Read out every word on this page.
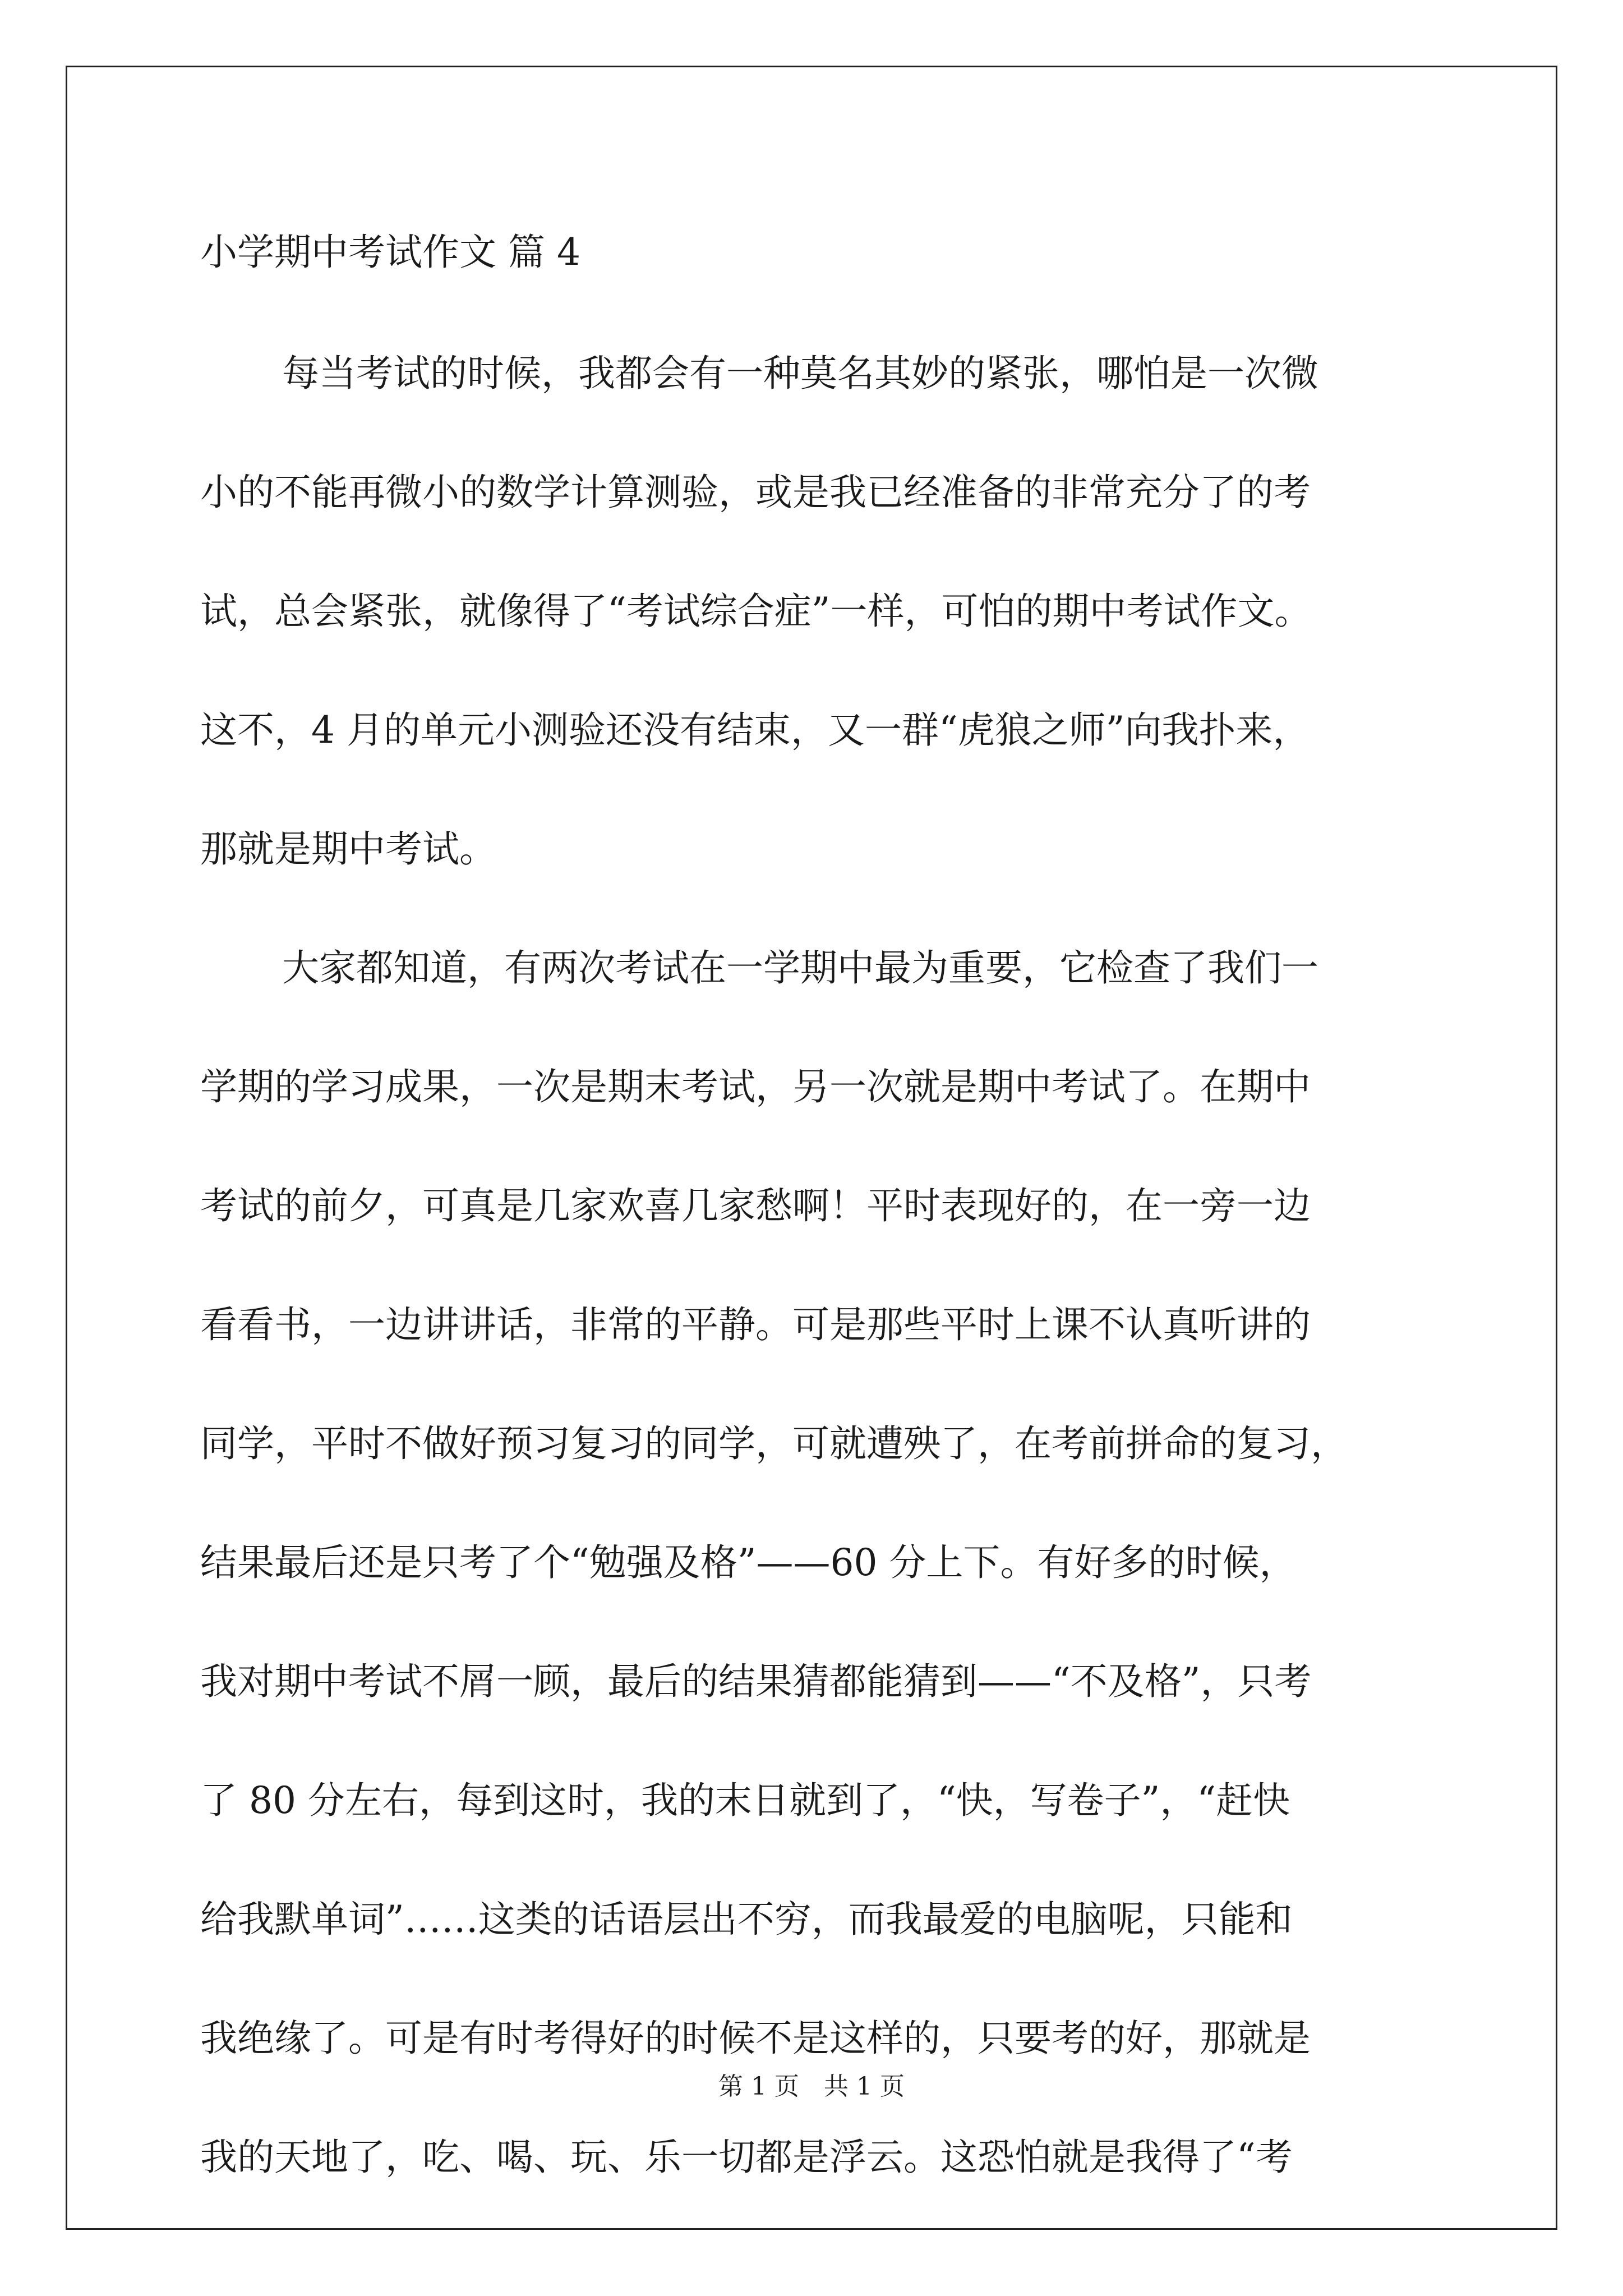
小学期中考试作文 篇 4

每当考试的时候，我都会有一种莫名其妙的紧张，哪怕是一次微

小的不能再微小的数学计算测验，或是我已经准备的非常充分了的考

试，总会紧张，就像得了“考试综合症”一样，可怕的期中考试作文。

这不，4 月的单元小测验还没有结束，又一群“虎狼之师”向我扑来，

那就是期中考试。

大家都知道，有两次考试在一学期中最为重要，它检查了我们一

学期的学习成果，一次是期末考试，另一次就是期中考试了。在期中

考试的前夕，可真是几家欢喜几家愁啊！平时表现好的，在一旁一边

看看书，一边讲讲话，非常的平静。可是那些平时上课不认真听讲的

同学，平时不做好预习复习的同学，可就遭殃了，在考前拼命的复习，

结果最后还是只考了个“勉强及格”——60 分上下。有好多的时候，

我对期中考试不屑一顾，最后的结果猜都能猜到——“不及格”，只考

了 80 分左右，每到这时，我的末日就到了，“快，写卷子”，“赶快

给我默单词”……这类的话语层出不穷，而我最爱的电脑呢，只能和

我绝缘了。可是有时考得好的时候不是这样的，只要考的好，那就是

我的天地了，吃、喝、玩、乐一切都是浮云。这恐怕就是我得了“考

第 1 页　共 1 页
